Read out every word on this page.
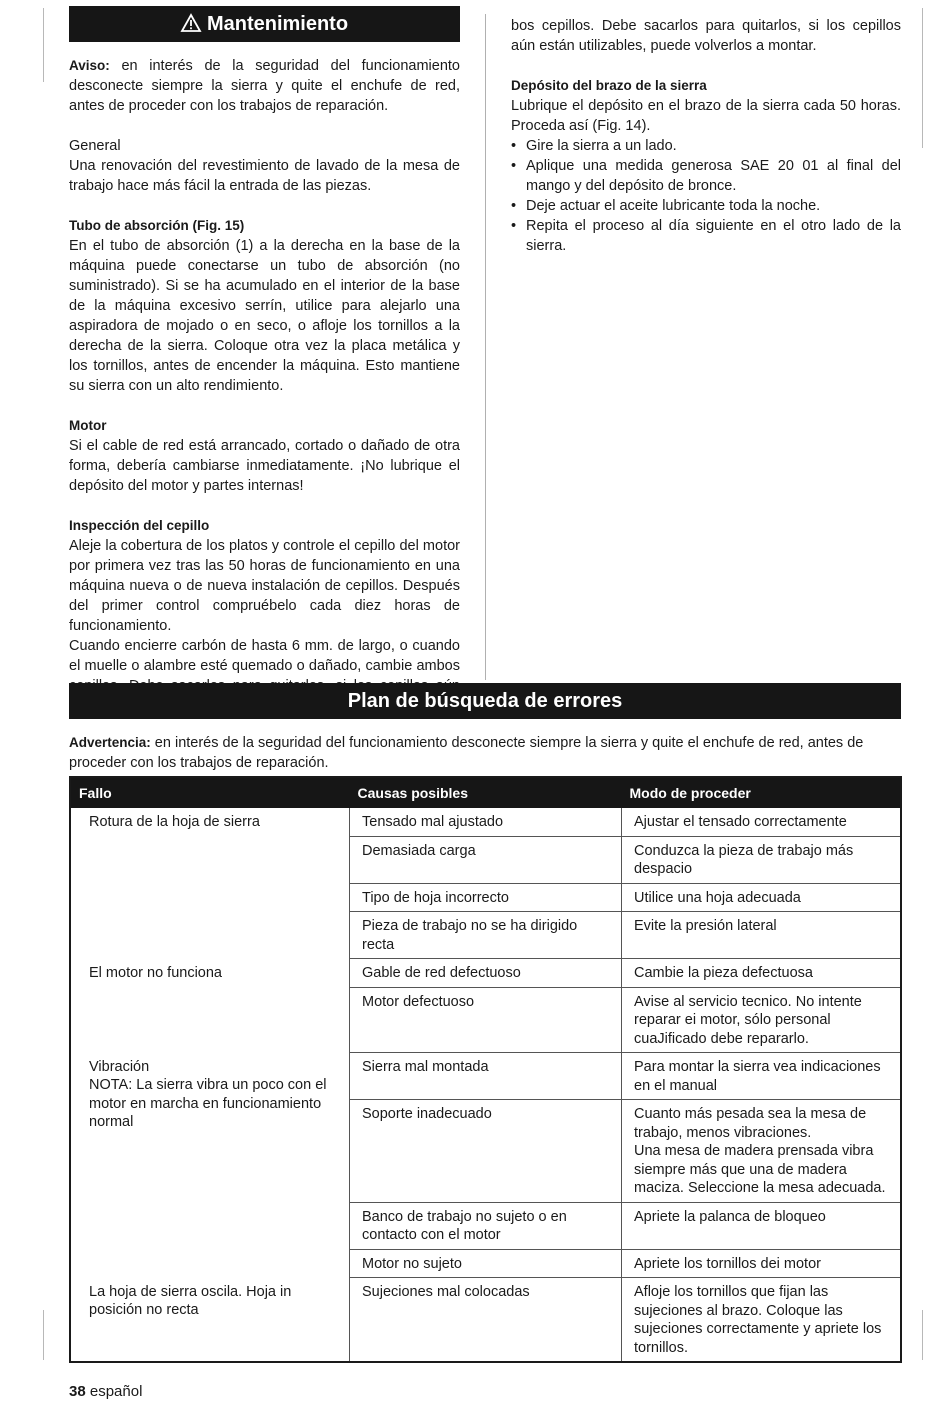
Mantenimiento

Aviso: en interés de la seguridad del funcionamiento desconecte siempre la sierra y quite el enchufe de red, antes de proceder con los trabajos de reparación.

General

Una renovación del revestimiento de lavado de la mesa de trabajo hace más fácil la entrada de las piezas.

Tubo de absorción (Fig. 15)

En el tubo de absorción (1) a la derecha en la base de la máquina puede conectarse un tubo de absorción (no suministrado). Si se ha acumulado en el interior de la base de la máquina excesivo serrín, utilice para alejarlo una aspiradora de mojado o en seco, o afloje los tornillos a la derecha de la sierra. Coloque otra vez la placa metálica y los tornillos, antes de encender la máquina. Esto mantiene su sierra con un alto rendimiento.

Motor

Si el cable de red está arrancado, cortado o dañado de otra forma, debería cambiarse inmediatamente. ¡No lubrique el depósito del motor y partes internas!

Inspección del cepillo

Aleje la cobertura de los platos y controle el cepillo del motor por primera vez tras las 50 horas de funcionamiento en una máquina nueva o de nueva instalación de cepillos. Después del primer control compruébelo cada diez horas de funcionamiento.

Cuando encierre carbón de hasta 6 mm. de largo, o cuando el muelle o alambre esté quemado o dañado, cambie ambos

bos cepillos. Debe sacarlos para quitarlos, si los cepillos aún están utilizables, puede volverlos a montar.

Depósito del brazo de la sierra

Lubrique el depósito en el brazo de la sierra cada 50 horas. Proceda así (Fig. 14).

• Gire la sierra a un lado.
• Aplique una medida generosa SAE 20 01 al final del mango y del depósito de bronce.
• Deje actuar el aceite lubricante toda la noche.
• Repita el proceso al día siguiente en el otro lado de la sierra.
Plan de búsqueda de errores

Advertencia: en interés de la seguridad del funcionamiento desconecte siempre la sierra y quite el enchufe de red, antes de proceder con los trabajos de reparación.

Fallo	Causas posibles	Modo de proceder
Rotura de la hoja de sierra	Tensado mal ajustado	Ajustar el tensado correctamente
	Demasiada carga	Conduzca la pieza de trabajo más despacio
	Tipo de hoja incorrecto	Utilice una hoja adecuada
	Pieza de trabajo no se ha dirigido recta	Evite la presión lateral
El motor no funciona	Gable de red defectuoso	Cambie la pieza defectuosa
	Motor defectuoso	Avise al servicio tecnico. No intente reparar ei motor, sólo personal cuaJificado debe repararlo.
Vibración
NOTA: La sierra vibra un poco con el motor en marcha en funcionamiento normal	Sierra mal montada	Para montar la sierra vea indicaciones en el manual
	Soporte inadecuado	Cuanto más pesada sea la mesa de trabajo, menos vibraciones.
Una mesa de madera prensada vibra siempre más que una de madera maciza. Seleccione la mesa adecuada.
	Banco de trabajo no sujeto o en contacto con el motor	Apriete la palanca de bloqueo
	Motor no sujeto	Apriete los tornillos dei motor
La hoja de sierra oscila. Hoja in posición no recta	Sujeciones mal colocadas	Afloje los tornillos que fijan las sujeciones al brazo. Coloque las sujeciones correctamente y apriete los tornillos.
38 español
